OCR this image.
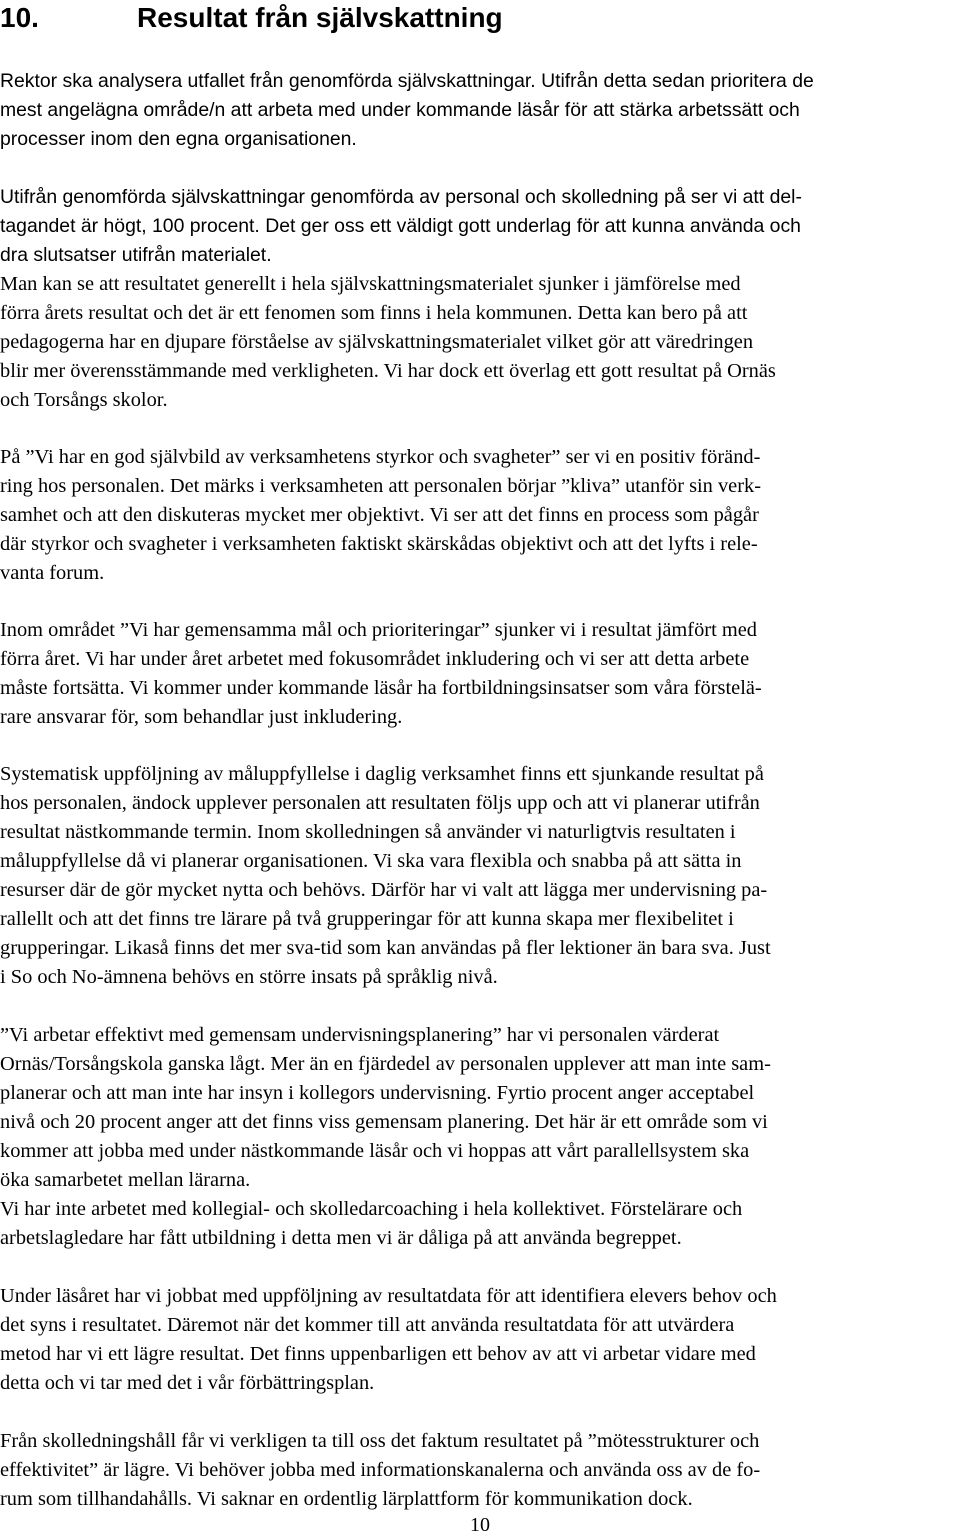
10.	Resultat från självskattning

Rektor ska analysera utfallet från genomförda självskattningar. Utifrån detta sedan prioritera de
mest angelägna område/n att arbeta med under kommande läsår för att stärka arbetssätt och
processer inom den egna organisationen.

Utifrån genomförda självskattningar genomförda av personal och skolledning på ser vi att del-
tagandet är högt, 100 procent. Det ger oss ett väldigt gott underlag för att kunna använda och
dra slutsatser utifrån materialet.

Man kan se att resultatet generellt i hela självskattningsmaterialet sjunker i jämförelse med
förra årets resultat och det är ett fenomen som finns i hela kommunen. Detta kan bero på att
pedagogerna har en djupare förståelse av självskattningsmaterialet vilket gör att väredringen
blir mer överensstämmande med verkligheten. Vi har dock ett överlag ett gott resultat på Ornäs
och Torsångs skolor.

På ”Vi har en god självbild av verksamhetens styrkor och svagheter” ser vi en positiv föränd-
ring hos personalen. Det märks i verksamheten att personalen börjar ”kliva” utanför sin verk-
samhet och att den diskuteras mycket mer objektivt. Vi ser att det finns en process som pågår
där styrkor och svagheter i verksamheten faktiskt skärskådas objektivt och att det lyfts i rele-
vanta forum.

Inom området ”Vi har gemensamma mål och prioriteringar” sjunker vi i resultat jämfört med
förra året. Vi har under året arbetet med fokusområdet inkludering och vi ser att detta arbete
måste fortsätta. Vi kommer under kommande läsår ha fortbildningsinsatser som våra förstelä-
rare ansvarar för, som behandlar just inkludering.

Systematisk uppföljning av måluppfyllelse i daglig verksamhet finns ett sjunkande resultat på
hos personalen, ändock upplever personalen att resultaten följs upp och att vi planerar utifrån
resultat nästkommande termin. Inom skolledningen så använder vi naturligtvis resultaten i
måluppfyllelse då vi planerar organisationen. Vi ska vara flexibla och snabba på att sätta in
resurser där de gör mycket nytta och behövs. Därför har vi valt att lägga mer undervisning pa-
rallellt och att det finns tre lärare på två grupperingar för att kunna skapa mer flexibelitet i
grupperingar. Likaså finns det mer sva-tid som kan användas på fler lektioner än bara sva. Just
i So och No-ämnena behövs en större insats på språklig nivå.

”Vi arbetar effektivt med gemensam undervisningsplanering” har vi personalen värderat
Ornäs/Torsångskola ganska lågt. Mer än en fjärdedel av personalen upplever att man inte sam-
planerar och att man inte har insyn i kollegors undervisning. Fyrtio procent anger acceptabel
nivå och 20 procent anger att det finns viss gemensam planering. Det här är ett område som vi
kommer att jobba med under nästkommande läsår och vi hoppas att vårt parallellsystem ska
öka samarbetet mellan lärarna.
Vi har inte arbetet med kollegial- och skolledarcoaching i hela kollektivet. Förstelärare och
arbetslagledare har fått utbildning i detta men vi är dåliga på att använda begreppet.

Under läsåret har vi jobbat med uppföljning av resultatdata för att identifiera elevers behov och
det syns i resultatet. Däremot när det kommer till att använda resultatdata för att utvärdera
metod har vi ett lägre resultat. Det finns uppenbarligen ett behov av att vi arbetar vidare med
detta och vi tar med det i vår förbättringsplan.

Från skolledningshåll får vi verkligen ta till oss det faktum resultatet på ”mötesstrukturer och
effektivitet” är lägre. Vi behöver jobba med informationskanalerna och använda oss av de fo-
rum som tillhandahålls. Vi saknar en ordentlig lärplattform för kommunikation dock.

10
